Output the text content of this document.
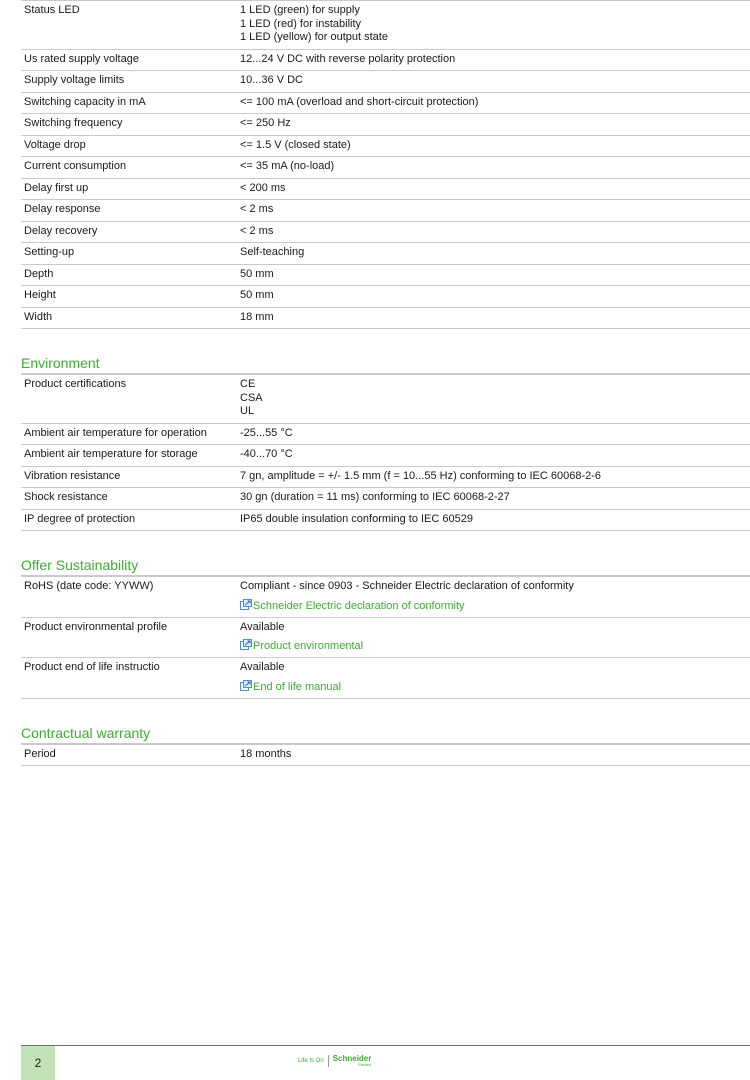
Status LED	1 LED (green) for supply
1 LED (red) for instability
1 LED (yellow) for output state

Us rated supply voltage	12...24 V DC with reverse polarity protection

Supply voltage limits	10...36 V DC

Switching capacity in mA	<= 100 mA (overload and short-circuit protection)

Switching frequency	<= 250 Hz

Voltage drop	<= 1.5 V (closed state)

Current consumption	<= 35 mA (no-load)

Delay first up	< 200 ms

Delay response	< 2 ms

Delay recovery	< 2 ms

Setting-up	Self-teaching

Depth	50 mm

Height	50 mm

Width	18 mm
Environment
Product certifications	CE
CSA
UL

Ambient air temperature for operation	-25...55 °C

Ambient air temperature for storage	-40...70 °C

Vibration resistance	7 gn, amplitude = +/- 1.5 mm (f = 10...55 Hz) conforming to IEC 60068-2-6

Shock resistance	30 gn (duration = 11 ms) conforming to IEC 60068-2-27

IP degree of protection	IP65 double insulation conforming to IEC 60529
Offer Sustainability
RoHS (date code: YYWW)	Compliant - since 0903 - Schneider Electric declaration of conformity
Schneider Electric declaration of conformity

Product environmental profile	Available
Product environmental

Product end of life instructio	Available
End of life manual
Contractual warranty
Period	18 months
2	Life Is On	Schneider
Electric
